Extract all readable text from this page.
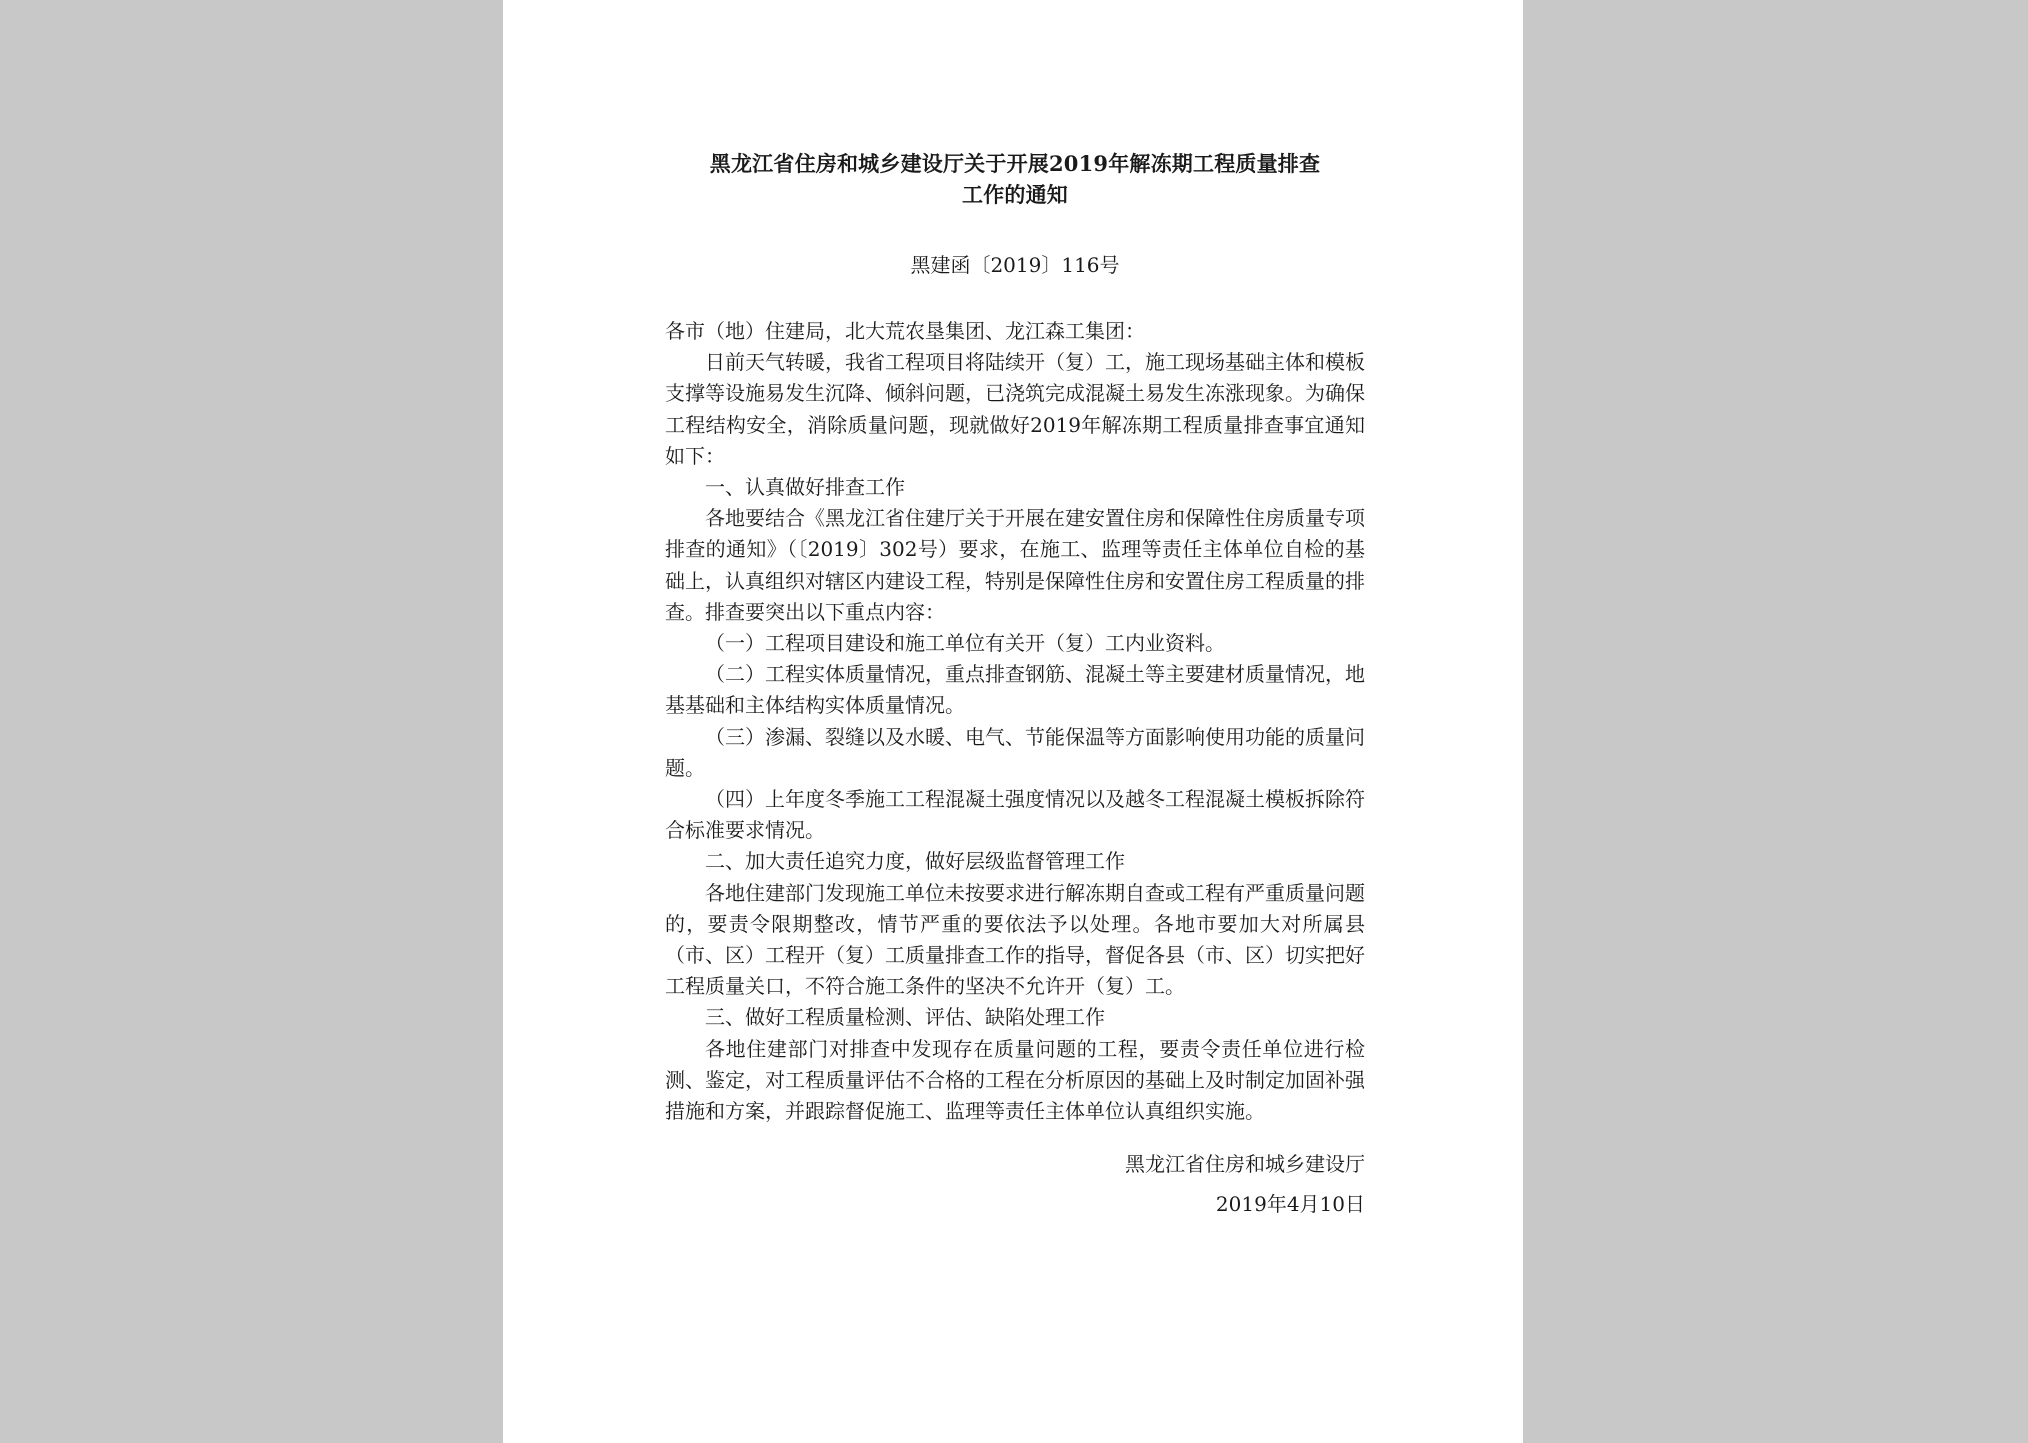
黑龙江省住房和城乡建设厅关于开展2019年解冻期工程质量排查
工作的通知
黑建函〔2019〕116号

各市（地）住建局，北大荒农垦集团、龙江森工集团：

日前天气转暖，我省工程项目将陆续开（复）工，施工现场基础主体和模板支撑等设施易发生沉降、倾斜问题，已浇筑完成混凝土易发生冻涨现象。为确保工程结构安全，消除质量问题，现就做好2019年解冻期工程质量排查事宜通知如下：

一、认真做好排查工作

各地要结合《黑龙江省住建厅关于开展在建安置住房和保障性住房质量专项排查的通知》（〔2019〕302号）要求，在施工、监理等责任主体单位自检的基础上，认真组织对辖区内建设工程，特别是保障性住房和安置住房工程质量的排查。排查要突出以下重点内容：

（一）工程项目建设和施工单位有关开（复）工内业资料。

（二）工程实体质量情况，重点排查钢筋、混凝土等主要建材质量情况，地基基础和主体结构实体质量情况。

（三）渗漏、裂缝以及水暖、电气、节能保温等方面影响使用功能的质量问题。

（四）上年度冬季施工工程混凝土强度情况以及越冬工程混凝土模板拆除符合标准要求情况。

二、加大责任追究力度，做好层级监督管理工作

各地住建部门发现施工单位未按要求进行解冻期自查或工程有严重质量问题的，要责令限期整改，情节严重的要依法予以处理。各地市要加大对所属县（市、区）工程开（复）工质量排查工作的指导，督促各县（市、区）切实把好工程质量关口，不符合施工条件的坚决不允许开（复）工。

三、做好工程质量检测、评估、缺陷处理工作

各地住建部门对排查中发现存在质量问题的工程，要责令责任单位进行检测、鉴定，对工程质量评估不合格的工程在分析原因的基础上及时制定加固补强措施和方案，并跟踪督促施工、监理等责任主体单位认真组织实施。

黑龙江省住房和城乡建设厅
2019年4月10日
